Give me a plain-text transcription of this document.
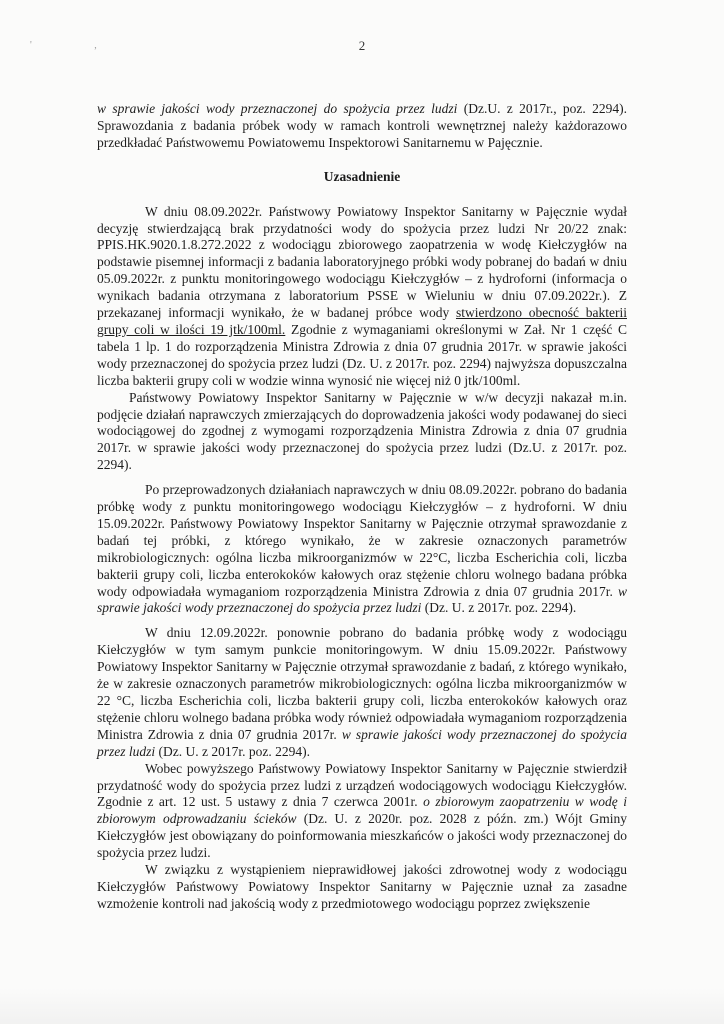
2
' ,

w sprawie jakości wody przeznaczonej do spożycia przez ludzi (Dz.U. z 2017r., poz. 2294). Sprawozdania z badania próbek wody w ramach kontroli wewnętrznej należy każdorazowo przedkładać Państwowemu Powiatowemu Inspektorowi Sanitarnemu w Pajęcznie.

Uzasadnienie

W dniu 08.09.2022r. Państwowy Powiatowy Inspektor Sanitarny w Pajęcznie wydał decyzję stwierdzającą brak przydatności wody do spożycia przez ludzi Nr 20/22 znak: PPIS.HK.9020.1.8.272.2022 z wodociągu zbiorowego zaopatrzenia w wodę Kiełczygłów na podstawie pisemnej informacji z badania laboratoryjnego próbki wody pobranej do badań w dniu 05.09.2022r. z punktu monitoringowego wodociągu Kiełczygłów – z hydroforni (informacja o wynikach badania otrzymana z laboratorium PSSE w Wieluniu w dniu 07.09.2022r.). Z przekazanej informacji wynikało, że w badanej próbce wody stwierdzono obecność bakterii grupy coli w ilości 19 jtk/100ml. Zgodnie z wymaganiami określonymi w Zał. Nr 1 część C tabela 1 lp. 1 do rozporządzenia Ministra Zdrowia z dnia 07 grudnia 2017r. w sprawie jakości wody przeznaczonej do spożycia przez ludzi (Dz. U. z 2017r. poz. 2294) najwyższa dopuszczalna liczba bakterii grupy coli w wodzie winna wynosić nie więcej niż 0 jtk/100ml.

Państwowy Powiatowy Inspektor Sanitarny w Pajęcznie w w/w decyzji nakazał m.in. podjęcie działań naprawczych zmierzających do doprowadzenia jakości wody podawanej do sieci wodociągowej do zgodnej z wymogami rozporządzenia Ministra Zdrowia z dnia 07 grudnia 2017r. w sprawie jakości wody przeznaczonej do spożycia przez ludzi (Dz.U. z 2017r. poz. 2294).

Po przeprowadzonych działaniach naprawczych w dniu 08.09.2022r. pobrano do badania próbkę wody z punktu monitoringowego wodociągu Kiełczygłów – z hydroforni. W dniu 15.09.2022r. Państwowy Powiatowy Inspektor Sanitarny w Pajęcznie otrzymał sprawozdanie z badań tej próbki, z którego wynikało, że w zakresie oznaczonych parametrów mikrobiologicznych: ogólna liczba mikroorganizmów w 22°C, liczba Escherichia coli, liczba bakterii grupy coli, liczba enterokoków kałowych oraz stężenie chloru wolnego badana próbka wody odpowiadała wymaganiom rozporządzenia Ministra Zdrowia z dnia 07 grudnia 2017r. w sprawie jakości wody przeznaczonej do spożycia przez ludzi (Dz. U. z 2017r. poz. 2294).

W dniu 12.09.2022r. ponownie pobrano do badania próbkę wody z wodociągu Kiełczygłów w tym samym punkcie monitoringowym. W dniu 15.09.2022r. Państwowy Powiatowy Inspektor Sanitarny w Pajęcznie otrzymał sprawozdanie z badań, z którego wynikało, że w zakresie oznaczonych parametrów mikrobiologicznych: ogólna liczba mikroorganizmów w 22 °C, liczba Escherichia coli, liczba bakterii grupy coli, liczba enterokoków kałowych oraz stężenie chloru wolnego badana próbka wody również odpowiadała wymaganiom rozporządzenia Ministra Zdrowia z dnia 07 grudnia 2017r. w sprawie jakości wody przeznaczonej do spożycia przez ludzi (Dz. U. z 2017r. poz. 2294).

Wobec powyższego Państwowy Powiatowy Inspektor Sanitarny w Pajęcznie stwierdził przydatność wody do spożycia przez ludzi z urządzeń wodociągowych wodociągu Kiełczygłów. Zgodnie z art. 12 ust. 5 ustawy z dnia 7 czerwca 2001r. o zbiorowym zaopatrzeniu w wodę i zbiorowym odprowadzaniu ścieków (Dz. U. z 2020r. poz. 2028 z późn. zm.) Wójt Gminy Kiełczygłów jest obowiązany do poinformowania mieszkańców o jakości wody przeznaczonej do spożycia przez ludzi.

W związku z wystąpieniem nieprawidłowej jakości zdrowotnej wody z wodociągu Kiełczygłów Państwowy Powiatowy Inspektor Sanitarny w Pajęcznie uznał za zasadne wzmożenie kontroli nad jakością wody z przedmiotowego wodociągu poprzez zwiększenie
